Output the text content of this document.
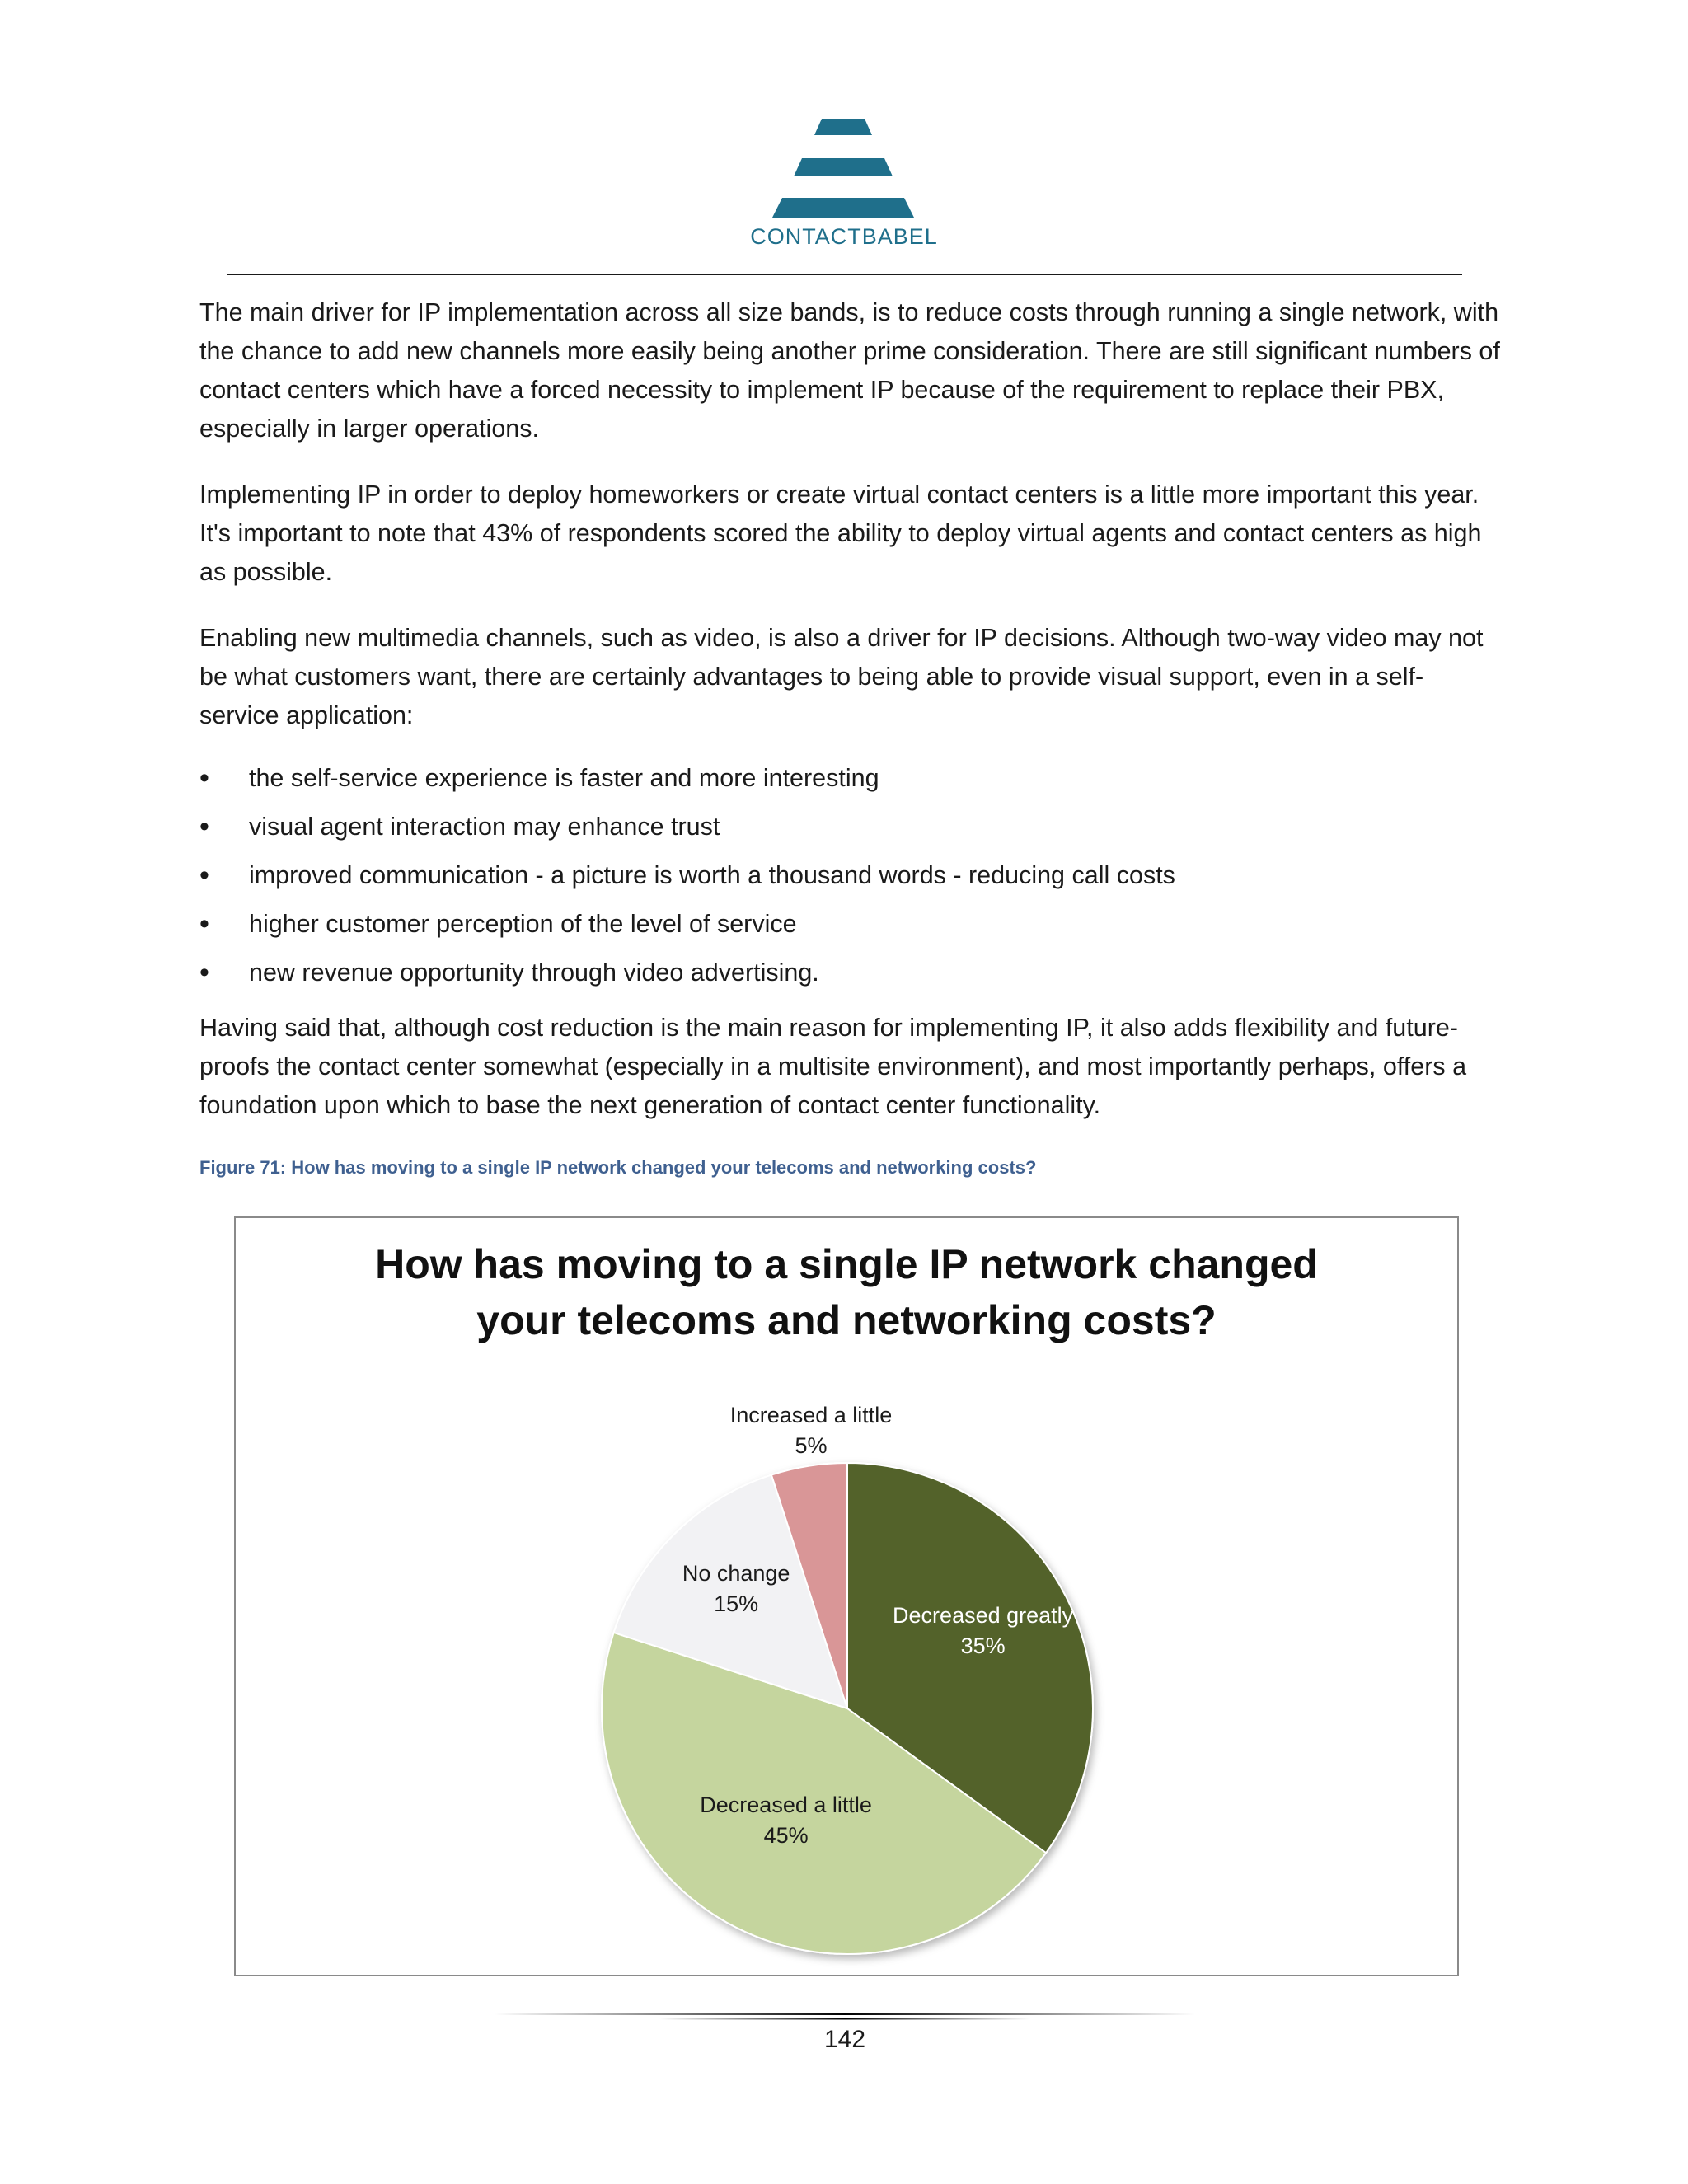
CONTACTBABEL

The main driver for IP implementation across all size bands, is to reduce costs through running a single network, with the chance to add new channels more easily being another prime consideration. There are still significant numbers of contact centers which have a forced necessity to implement IP because of the requirement to replace their PBX, especially in larger operations.

Implementing IP in order to deploy homeworkers or create virtual contact centers is a little more important this year. It's important to note that 43% of respondents scored the ability to deploy virtual agents and contact centers as high as possible.

Enabling new multimedia channels, such as video, is also a driver for IP decisions. Although two-way video may not be what customers want, there are certainly advantages to being able to provide visual support, even in a self-service application:

• the self-service experience is faster and more interesting
• visual agent interaction may enhance trust
• improved communication - a picture is worth a thousand words - reducing call costs
• higher customer perception of the level of service
• new revenue opportunity through video advertising.

Having said that, although cost reduction is the main reason for implementing IP, it also adds flexibility and future-proofs the contact center somewhat (especially in a multisite environment), and most importantly perhaps, offers a foundation upon which to base the next generation of contact center functionality.

Figure 71: How has moving to a single IP network changed your telecoms and networking costs?
How has moving to a single IP network changed
your telecoms and networking costs?
Decreased greatly 35%
Decreased a little 45%
No change 15%
Increased a little 5%
142
